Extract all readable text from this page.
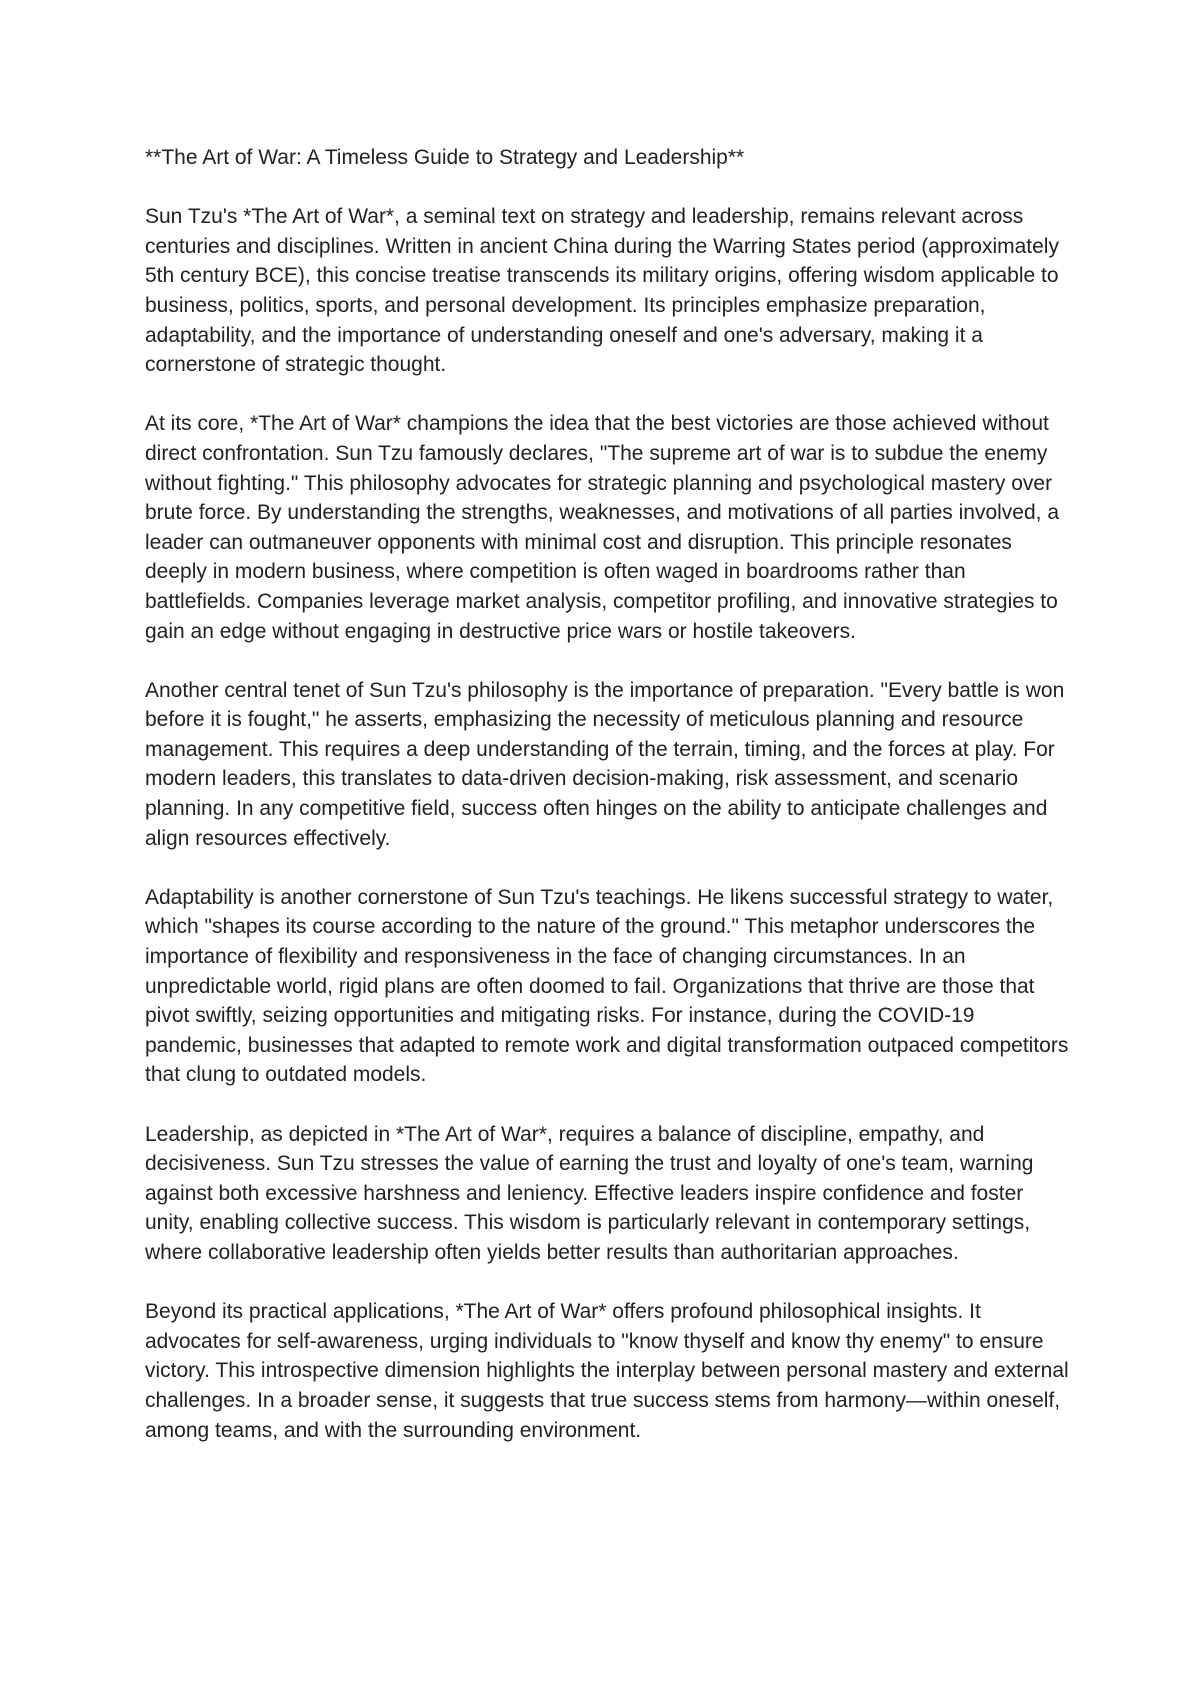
**The Art of War: A Timeless Guide to Strategy and Leadership**

Sun Tzu's *The Art of War*, a seminal text on strategy and leadership, remains relevant across centuries and disciplines. Written in ancient China during the Warring States period (approximately 5th century BCE), this concise treatise transcends its military origins, offering wisdom applicable to business, politics, sports, and personal development. Its principles emphasize preparation, adaptability, and the importance of understanding oneself and one's adversary, making it a cornerstone of strategic thought.

At its core, *The Art of War* champions the idea that the best victories are those achieved without direct confrontation. Sun Tzu famously declares, "The supreme art of war is to subdue the enemy without fighting." This philosophy advocates for strategic planning and psychological mastery over brute force. By understanding the strengths, weaknesses, and motivations of all parties involved, a leader can outmaneuver opponents with minimal cost and disruption. This principle resonates deeply in modern business, where competition is often waged in boardrooms rather than battlefields. Companies leverage market analysis, competitor profiling, and innovative strategies to gain an edge without engaging in destructive price wars or hostile takeovers.

Another central tenet of Sun Tzu's philosophy is the importance of preparation. "Every battle is won before it is fought," he asserts, emphasizing the necessity of meticulous planning and resource management. This requires a deep understanding of the terrain, timing, and the forces at play. For modern leaders, this translates to data-driven decision-making, risk assessment, and scenario planning. In any competitive field, success often hinges on the ability to anticipate challenges and align resources effectively.

Adaptability is another cornerstone of Sun Tzu's teachings. He likens successful strategy to water, which "shapes its course according to the nature of the ground." This metaphor underscores the importance of flexibility and responsiveness in the face of changing circumstances. In an unpredictable world, rigid plans are often doomed to fail. Organizations that thrive are those that pivot swiftly, seizing opportunities and mitigating risks. For instance, during the COVID-19 pandemic, businesses that adapted to remote work and digital transformation outpaced competitors that clung to outdated models.

Leadership, as depicted in *The Art of War*, requires a balance of discipline, empathy, and decisiveness. Sun Tzu stresses the value of earning the trust and loyalty of one's team, warning against both excessive harshness and leniency. Effective leaders inspire confidence and foster unity, enabling collective success. This wisdom is particularly relevant in contemporary settings, where collaborative leadership often yields better results than authoritarian approaches.

Beyond its practical applications, *The Art of War* offers profound philosophical insights. It advocates for self-awareness, urging individuals to "know thyself and know thy enemy" to ensure victory. This introspective dimension highlights the interplay between personal mastery and external challenges. In a broader sense, it suggests that true success stems from harmony—within oneself, among teams, and with the surrounding environment.
